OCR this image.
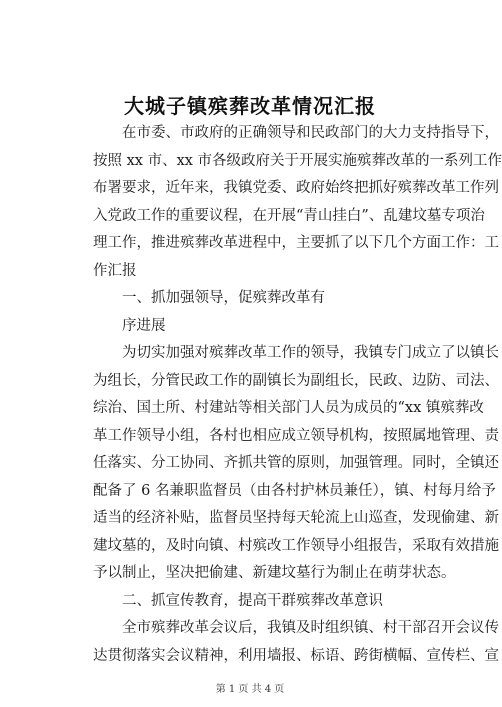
大城子镇殡葬改革情况汇报
在市委、市政府的正确领导和民政部门的大力支持指导下，
按照 xx 市、xx 市各级政府关于开展实施殡葬改革的一系列工作
布署要求，近年来，我镇党委、政府始终把抓好殡葬改革工作列
入党政工作的重要议程，在开展“青山挂白”、乱建坟墓专项治
理工作，推进殡葬改革进程中，主要抓了以下几个方面工作：工
作汇报
一、抓加强领导，促殡葬改革有
序进展
为切实加强对殡葬改革工作的领导，我镇专门成立了以镇长
为组长，分管民政工作的副镇长为副组长，民政、边防、司法、
综治、国土所、村建站等相关部门人员为成员的“xx 镇殡葬改
革工作领导小组，各村也相应成立领导机构，按照属地管理、责
任落实、分工协同、齐抓共管的原则，加强管理。同时，全镇还
配备了 6 名兼职监督员（由各村护林员兼任），镇、村每月给予
适当的经济补贴，监督员坚持每天轮流上山巡查，发现偷建、新
建坟墓的，及时向镇、村殡改工作领导小组报告，采取有效措施
予以制止，坚决把偷建、新建坟墓行为制止在萌芽状态。
二、抓宣传教育，提高干群殡葬改革意识
全市殡葬改革会议后，我镇及时组织镇、村干部召开会议传
达贯彻落实会议精神，利用墙报、标语、跨街横幅、宣传栏、宣
第 1 页 共 4 页
